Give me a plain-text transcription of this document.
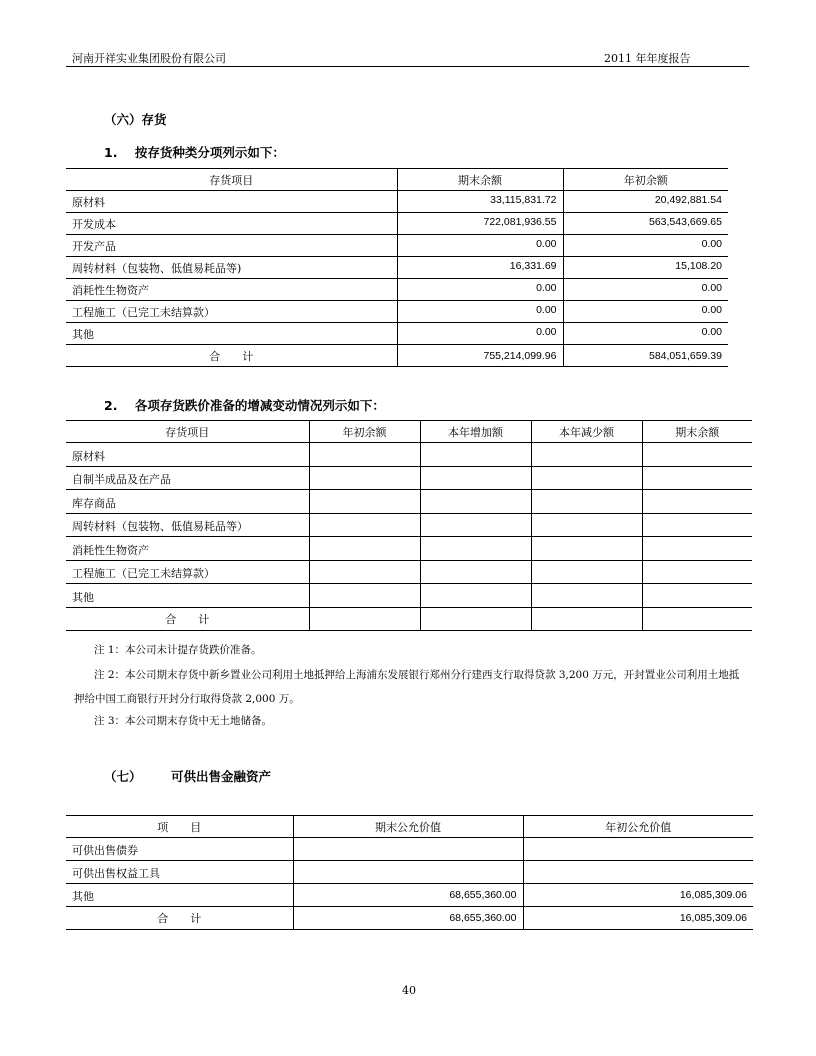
河南开祥实业集团股份有限公司	2011 年年度报告
（六）存货
1.    按存货种类分项列示如下：
存货项目	期末余额	年初余额
原材料	33,115,831.72	20,492,881.54
开发成本	722,081,936.55	563,543,669.65
开发产品	0.00	0.00
周转材料（包装物、低值易耗品等)	16,331.69	15,108.20
消耗性生物资产	0.00	0.00
工程施工（已完工未结算款）	0.00	0.00
其他	0.00	0.00
合　　计	755,214,099.96	584,051,659.39
2.    各项存货跌价准备的增减变动情况列示如下：
存货项目	年初余额	本年增加额	本年减少额	期末余额
原材料				
自制半成品及在产品				
库存商品				
周转材料（包装物、低值易耗品等）				
消耗性生物资产				
工程施工（已完工未结算款）				
其他				
合　　计				
注 1：本公司未计提存货跌价准备。
注 2：本公司期末存货中新乡置业公司利用土地抵押给上海浦东发展银行郑州分行建西支行取得贷款 3,200 万元，开封置业公司利用土地抵
押给中国工商银行开封分行取得贷款 2,000 万。
注 3：本公司期末存货中无土地储备。
（七） 可供出售金融资产
项　　目	期末公允价值	年初公允价值
可供出售债券		
可供出售权益工具		
其他	68,655,360.00	16,085,309.06
合　　计	68,655,360.00	16,085,309.06
40
